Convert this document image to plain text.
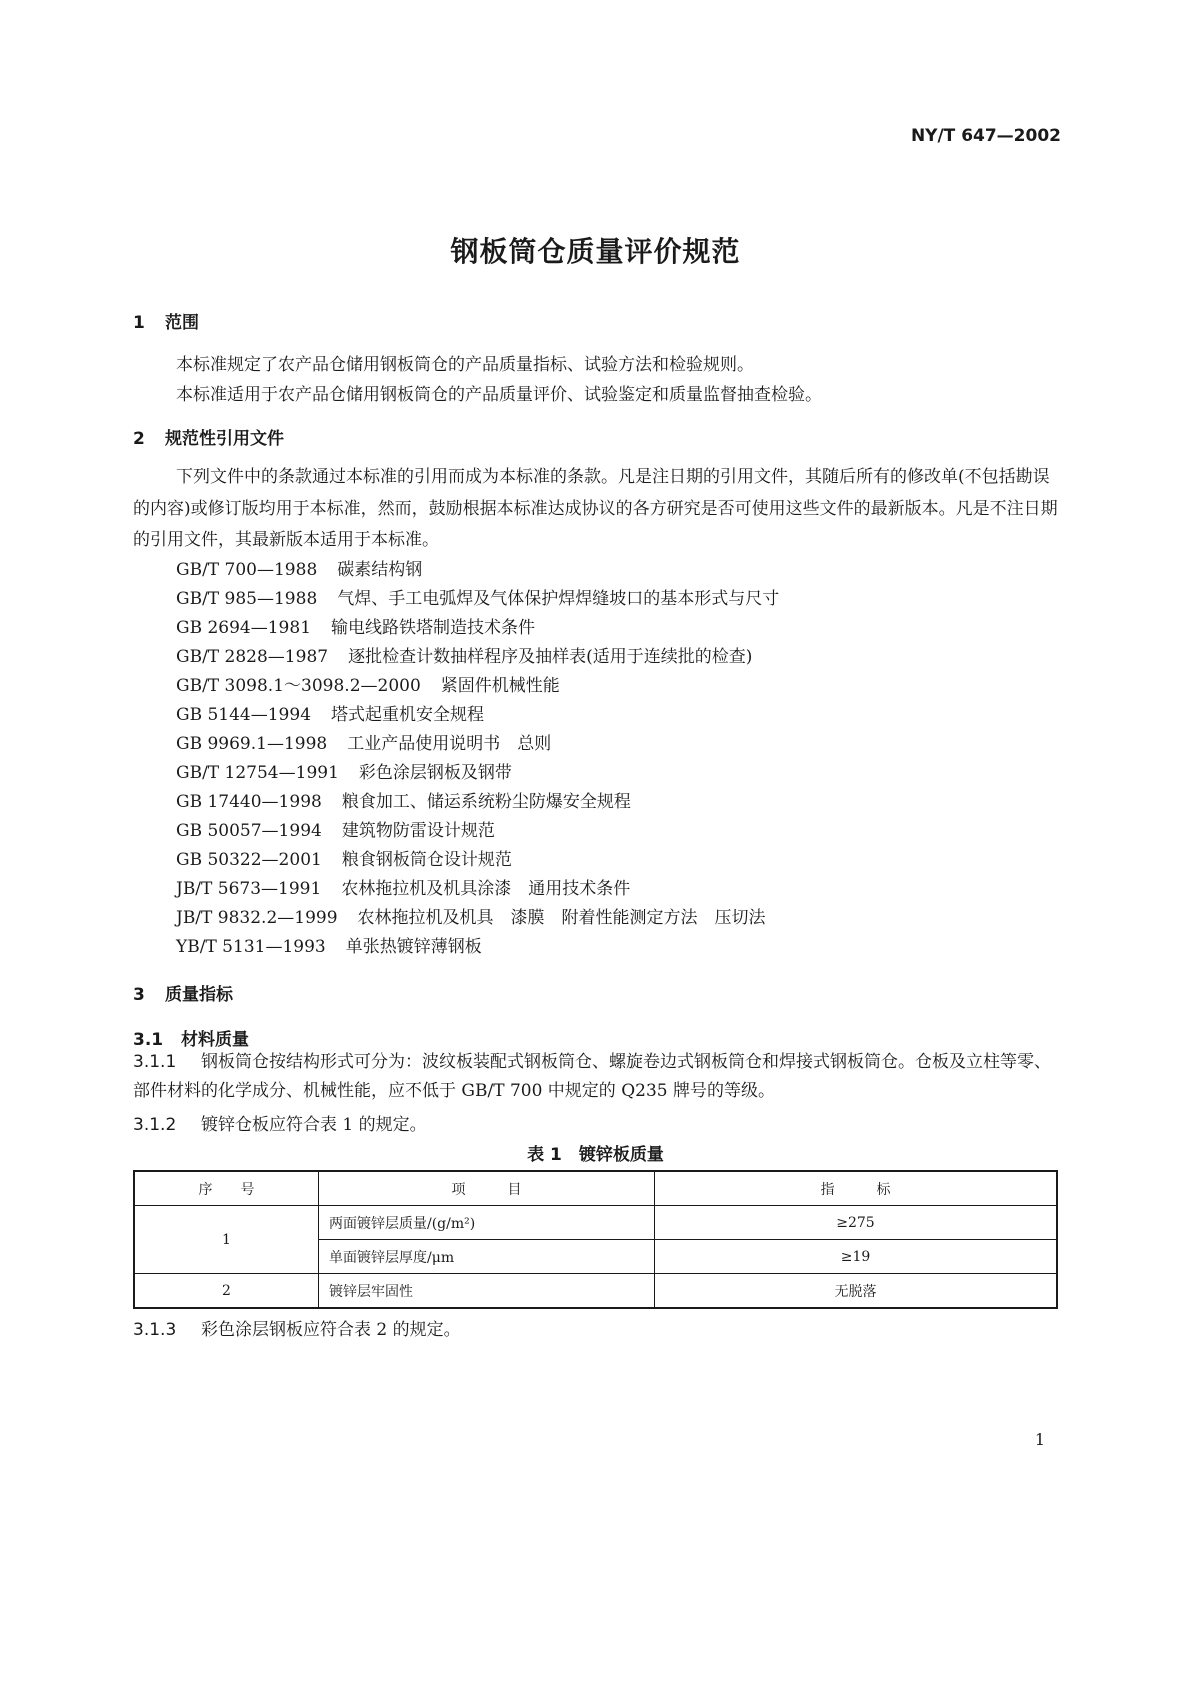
NY/T 647—2002
钢板筒仓质量评价规范
1 范围
本标准规定了农产品仓储用钢板筒仓的产品质量指标、试验方法和检验规则。
本标准适用于农产品仓储用钢板筒仓的产品质量评价、试验鉴定和质量监督抽查检验。
2 规范性引用文件
下列文件中的条款通过本标准的引用而成为本标准的条款。凡是注日期的引用文件，其随后所有的修改单(不包括勘误的内容)或修订版均用于本标准，然而，鼓励根据本标准达成协议的各方研究是否可使用这些文件的最新版本。凡是不注日期的引用文件，其最新版本适用于本标准。
GB/T 700—1988 碳素结构钢
GB/T 985—1988 气焊、手工电弧焊及气体保护焊焊缝坡口的基本形式与尺寸
GB 2694—1981 输电线路铁塔制造技术条件
GB/T 2828—1987 逐批检查计数抽样程序及抽样表(适用于连续批的检查)
GB/T 3098.1～3098.2—2000 紧固件机械性能
GB 5144—1994 塔式起重机安全规程
GB 9969.1—1998 工业产品使用说明书　总则
GB/T 12754—1991 彩色涂层钢板及钢带
GB 17440—1998 粮食加工、储运系统粉尘防爆安全规程
GB 50057—1994 建筑物防雷设计规范
GB 50322—2001 粮食钢板筒仓设计规范
JB/T 5673—1991 农林拖拉机及机具涂漆　通用技术条件
JB/T 9832.2—1999 农林拖拉机及机具　漆膜　附着性能测定方法　压切法
YB/T 5131—1993 单张热镀锌薄钢板
3 质量指标
3.1 材料质量
3.1.1 钢板筒仓按结构形式可分为：波纹板装配式钢板筒仓、螺旋卷边式钢板筒仓和焊接式钢板筒仓。仓板及立柱等零、部件材料的化学成分、机械性能，应不低于 GB/T 700 中规定的 Q235 牌号的等级。
3.1.2 镀锌仓板应符合表 1 的规定。
表 1　镀锌板质量
序　　号	项　　　目	指　　　标
1	两面镀锌层质量/(g/m²)	≥275
	单面镀锌层厚度/μm	≥19
2	镀锌层牢固性	无脱落
3.1.3 彩色涂层钢板应符合表 2 的规定。
1
